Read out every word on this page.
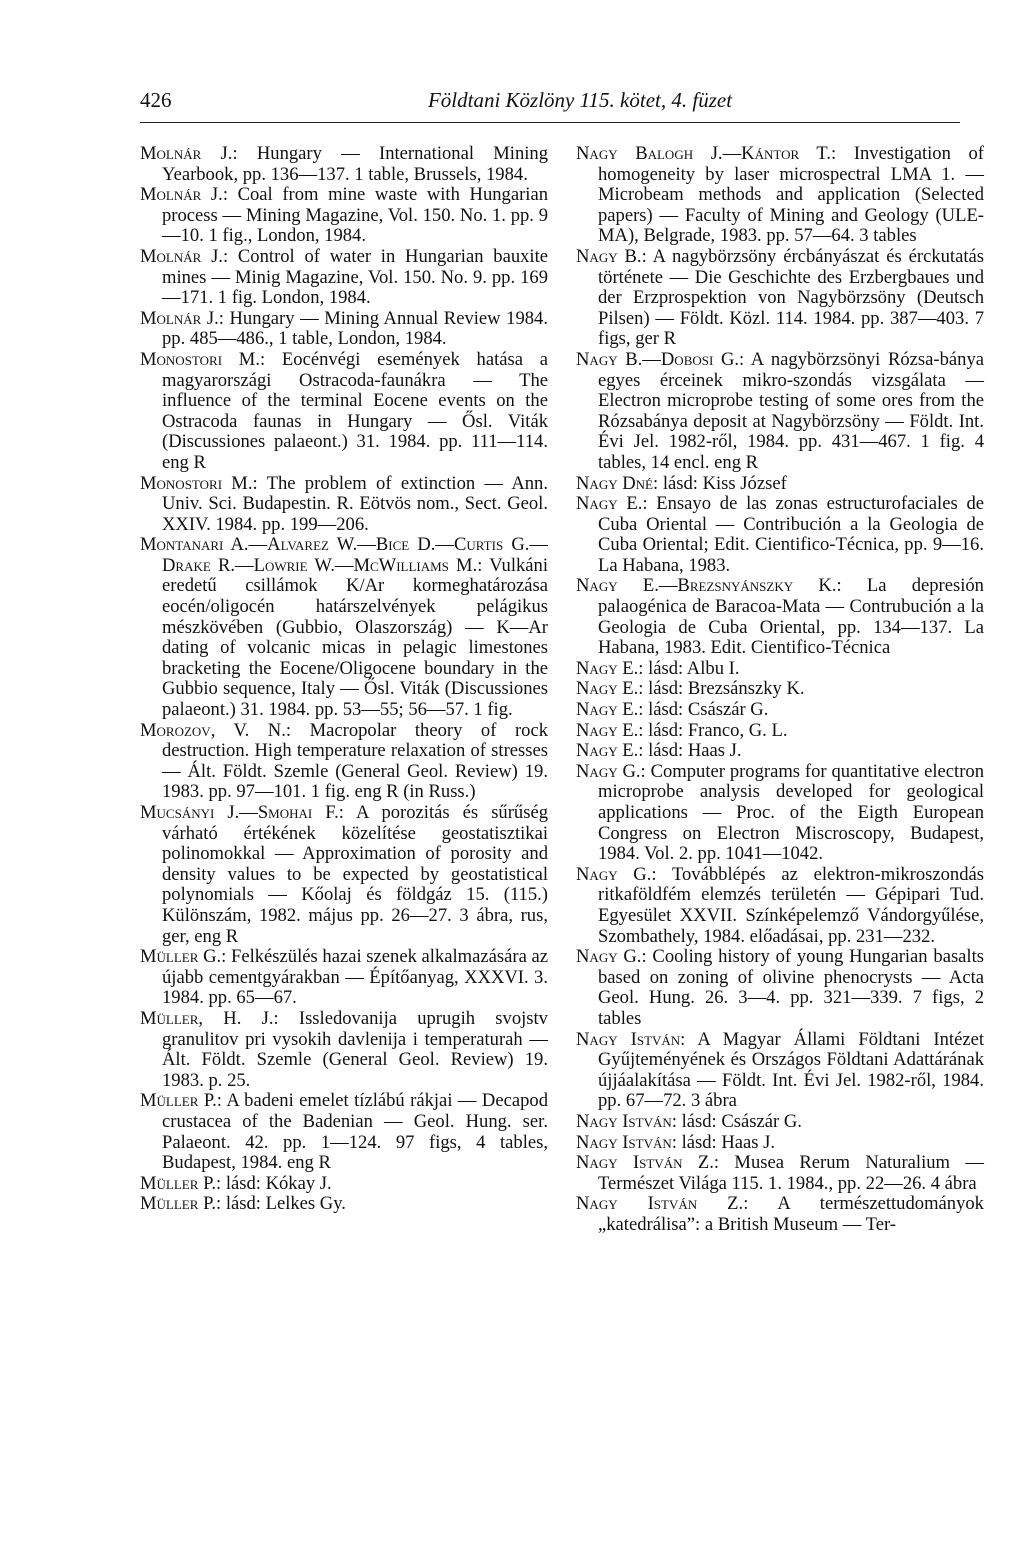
426	Földtani Közlöny 115. kötet, 4. füzet

Molnár J.: Hungary — International Mining Yearbook, pp. 136—137. 1 table, Brussels, 1984.

Molnár J.: Coal from mine waste with Hungarian process — Mining Magazine, Vol. 150. No. 1. pp. 9—10. 1 fig., London, 1984.

Molnár J.: Control of water in Hungarian bauxite mines — Minig Magazine, Vol. 150. No. 9. pp. 169—171. 1 fig. London, 1984.

Molnár J.: Hungary — Mining Annual Review 1984. pp. 485—486., 1 table, London, 1984.

Monostori M.: Eocénvégi események hatása a magyarországi Ostracoda-faunákra — The influence of the terminal Eocene events on the Ostracoda faunas in Hungary — Ősl. Viták (Discussiones palaeont.) 31. 1984. pp. 111—114. eng R

Monostori M.: The problem of extinction — Ann. Univ. Sci. Budapestin. R. Eötvös nom., Sect. Geol. XXIV. 1984. pp. 199—206.

Montanari A.—Alvarez W.—Bice D.—Curtis G.—Drake R.—Lowrie W.—McWilliams M.: Vulkáni eredetű csillámok K/Ar kormeghatározása eocén/oligocén határszelvények pelágikus mészkövében (Gubbio, Olaszország) — K—Ar dating of volcanic micas in pelagic limestones bracketing the Eocene/Oligocene boundary in the Gubbio sequence, Italy — Ősl. Viták (Discussiones palaeont.) 31. 1984. pp. 53—55; 56—57. 1 fig.

Morozov, V. N.: Macropolar theory of rock destruction. High temperature relaxation of stresses — Ált. Földt. Szemle (General Geol. Review) 19. 1983. pp. 97—101. 1 fig. eng R (in Russ.)

Mucsányi J.—Smohai F.: A porozitás és sűrűség várható értékének közelítése geostatisztikai polinomokkal — Approximation of porosity and density values to be expected by geostatistical polynomials — Kőolaj és földgáz 15. (115.) Különszám, 1982. május pp. 26—27. 3 ábra, rus, ger, eng R

Müller G.: Felkészülés hazai szenek alkalmazására az újabb cementgyárakban — Építőanyag, XXXVI. 3. 1984. pp. 65—67.

Müller, H. J.: Issledovanija uprugih svojstv granulitov pri vysokih davlenija i temperaturah — Ált. Földt. Szemle (General Geol. Review) 19. 1983. p. 25.

Müller P.: A badeni emelet tízlábú rákjai — Decapod crustacea of the Badenian — Geol. Hung. ser. Palaeont. 42. pp. 1—124. 97 figs, 4 tables, Budapest, 1984. eng R

Müller P.: lásd: Kókay J.

Müller P.: lásd: Lelkes Gy.

Nagy Balogh J.—Kántor T.: Investigation of homogeneity by laser microspectral LMA 1. — Microbeam methods and application (Selected papers) — Faculty of Mining and Geology (ULE-MA), Belgrade, 1983. pp. 57—64. 3 tables

Nagy B.: A nagybörzsöny ércbányászat és érckutatás története — Die Geschichte des Erzbergbaues und der Erzprospektion von Nagybörzsöny (Deutsch Pilsen) — Földt. Közl. 114. 1984. pp. 387—403. 7 figs, ger R

Nagy B.—Dobosi G.: A nagybörzsönyi Rózsa-bánya egyes érceinek mikro-szondás vizsgálata — Electron microprobe testing of some ores from the Rózsabánya deposit at Nagybörzsöny — Földt. Int. Évi Jel. 1982-ről, 1984. pp. 431—467. 1 fig. 4 tables, 14 encl. eng R

Nagy Dné: lásd: Kiss József

Nagy E.: Ensayo de las zonas estructurofaciales de Cuba Oriental — Contribución a la Geologia de Cuba Oriental; Edit. Cientifico-Técnica, pp. 9—16. La Habana, 1983.

Nagy E.—Brezsnyánszky K.: La depresión palaogénica de Baracoa-Mata — Contrubución a la Geologia de Cuba Oriental, pp. 134—137. La Habana, 1983. Edit. Cientifico-Técnica

Nagy E.: lásd: Albu I.

Nagy E.: lásd: Brezsánszky K.

Nagy E.: lásd: Császár G.

Nagy E.: lásd: Franco, G. L.

Nagy E.: lásd: Haas J.

Nagy G.: Computer programs for quantitative electron microprobe analysis developed for geological applications — Proc. of the Eigth European Congress on Electron Miscroscopy, Budapest, 1984. Vol. 2. pp. 1041—1042.

Nagy G.: Továbblépés az elektron-mikroszondás ritkaföldfém elemzés területén — Gépipari Tud. Egyesület XXVII. Színképelemző Vándorgyűlése, Szombathely, 1984. előadásai, pp. 231—232.

Nagy G.: Cooling history of young Hungarian basalts based on zoning of olivine phenocrysts — Acta Geol. Hung. 26. 3—4. pp. 321—339. 7 figs, 2 tables

Nagy István: A Magyar Állami Földtani Intézet Gyűjteményének és Országos Földtani Adattárának újjáalakítása — Földt. Int. Évi Jel. 1982-ről, 1984. pp. 67—72. 3 ábra

Nagy István: lásd: Császár G.

Nagy István: lásd: Haas J.

Nagy István Z.: Musea Rerum Naturalium — Természet Világa 115. 1. 1984., pp. 22—26. 4 ábra

Nagy István Z.: A természettudományok „katedrálisa”: a British Museum — Ter-
